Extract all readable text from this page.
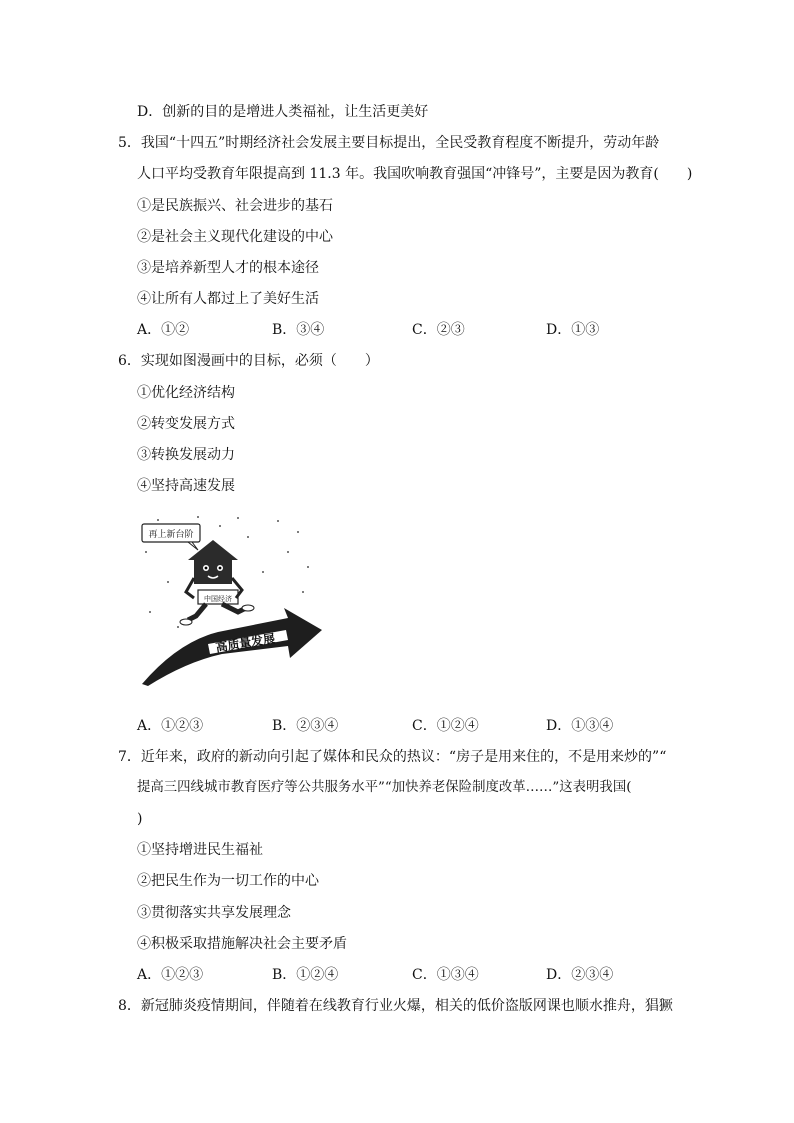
D．创新的目的是增进人类福祉，让生活更美好
5．我国“十四五”时期经济社会发展主要目标提出，全民受教育程度不断提升，劳动年龄
人口平均受教育年限提高到 11.3 年。我国吹响教育强国“冲锋号”，主要是因为教育(　　)
①是民族振兴、社会进步的基石
②是社会主义现代化建设的中心
③是培养新型人才的根本途径
④让所有人都过上了美好生活
A．①②	B．③④	C．②③	D．①③
6．实现如图漫画中的目标，必须（　　）
①优化经济结构
②转变发展方式
③转换发展动力
④坚持高速发展
再上新台阶
中国经济
高质量发展
A．①②③	B．②③④	C．①②④	D．①③④
7．近年来，政府的新动向引起了媒体和民众的热议：“房子是用来住的，不是用来炒的”“
提高三四线城市教育医疗等公共服务水平”“加快养老保险制度改革……”这表明我国(
)
①坚持增进民生福祉
②把民生作为一切工作的中心
③贯彻落实共享发展理念
④积极采取措施解决社会主要矛盾
A．①②③	B．①②④	C．①③④	D．②③④
8．新冠肺炎疫情期间，伴随着在线教育行业火爆，相关的低价盗版网课也顺水推舟，猖獗
